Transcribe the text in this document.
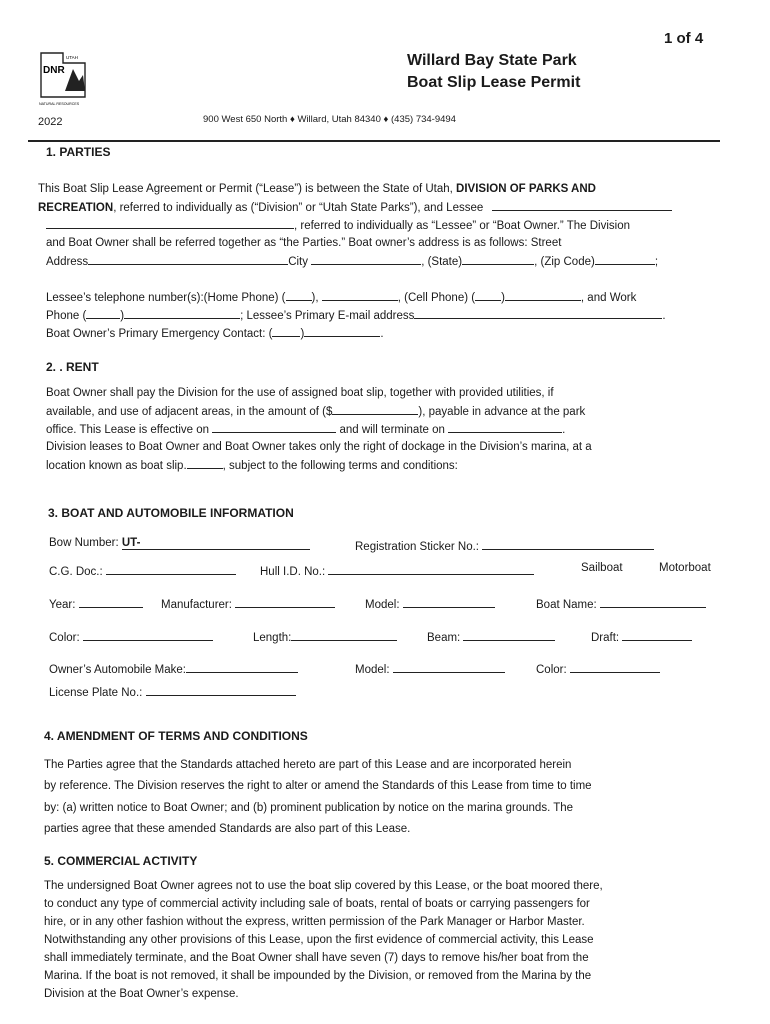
1 of 4
Willard Bay State Park
Boat Slip Lease Permit
UTAH
DNR
NATURAL RESOURCES
2022	900 West 650 North ♦ Willard, Utah 84340 ♦ (435) 734-9494
1. PARTIES
This Boat Slip Lease Agreement or Permit (“Lease”) is between the State of Utah, DIVISION OF PARKS AND
RECREATION, referred to individually as (“Division” or “Utah State Parks”), and Lessee
, referred to individually as “Lessee” or “Boat Owner.” The Division
and Boat Owner shall be referred together as “the Parties.” Boat owner’s address is as follows: Street
Address	City	, (State)	, (Zip Code)	;
Lessee’s telephone number(s):(Home Phone) ( ),	, (Cell Phone) ( )	, and Work
Phone (	)	; Lessee’s Primary E-mail address	.
Boat Owner’s Primary Emergency Contact: ( )	.
2. . RENT
Boat Owner shall pay the Division for the use of assigned boat slip, together with provided utilities, if
available, and use of adjacent areas, in the amount of ($	), payable in advance at the park
office. This Lease is effective on	and will terminate on	.
Division leases to Boat Owner and Boat Owner takes only the right of dockage in the Division’s marina, at a
location known as boat slip.	, subject to the following terms and conditions:
3. BOAT AND AUTOMOBILE INFORMATION
Bow Number: UT-	Registration Sticker No.:
C.G. Doc.:	Hull I.D. No.:	Sailboat	Motorboat
Year:	Manufacturer:	Model:	Boat Name:
Color:	Length:	Beam:	Draft:
Owner’s Automobile Make:	Model:	Color:
License Plate No.:
4. AMENDMENT OF TERMS AND CONDITIONS
The Parties agree that the Standards attached hereto are part of this Lease and are incorporated herein
by reference. The Division reserves the right to alter or amend the Standards of this Lease from time to time
by: (a) written notice to Boat Owner; and (b) prominent publication by notice on the marina grounds. The
parties agree that these amended Standards are also part of this Lease.
5. COMMERCIAL ACTIVITY
The undersigned Boat Owner agrees not to use the boat slip covered by this Lease, or the boat moored there,
to conduct any type of commercial activity including sale of boats, rental of boats or carrying passengers for
hire, or in any other fashion without the express, written permission of the Park Manager or Harbor Master.
Notwithstanding any other provisions of this Lease, upon the first evidence of commercial activity, this Lease
shall immediately terminate, and the Boat Owner shall have seven (7) days to remove his/her boat from the
Marina. If the boat is not removed, it shall be impounded by the Division, or removed from the Marina by the
Division at the Boat Owner’s expense.
